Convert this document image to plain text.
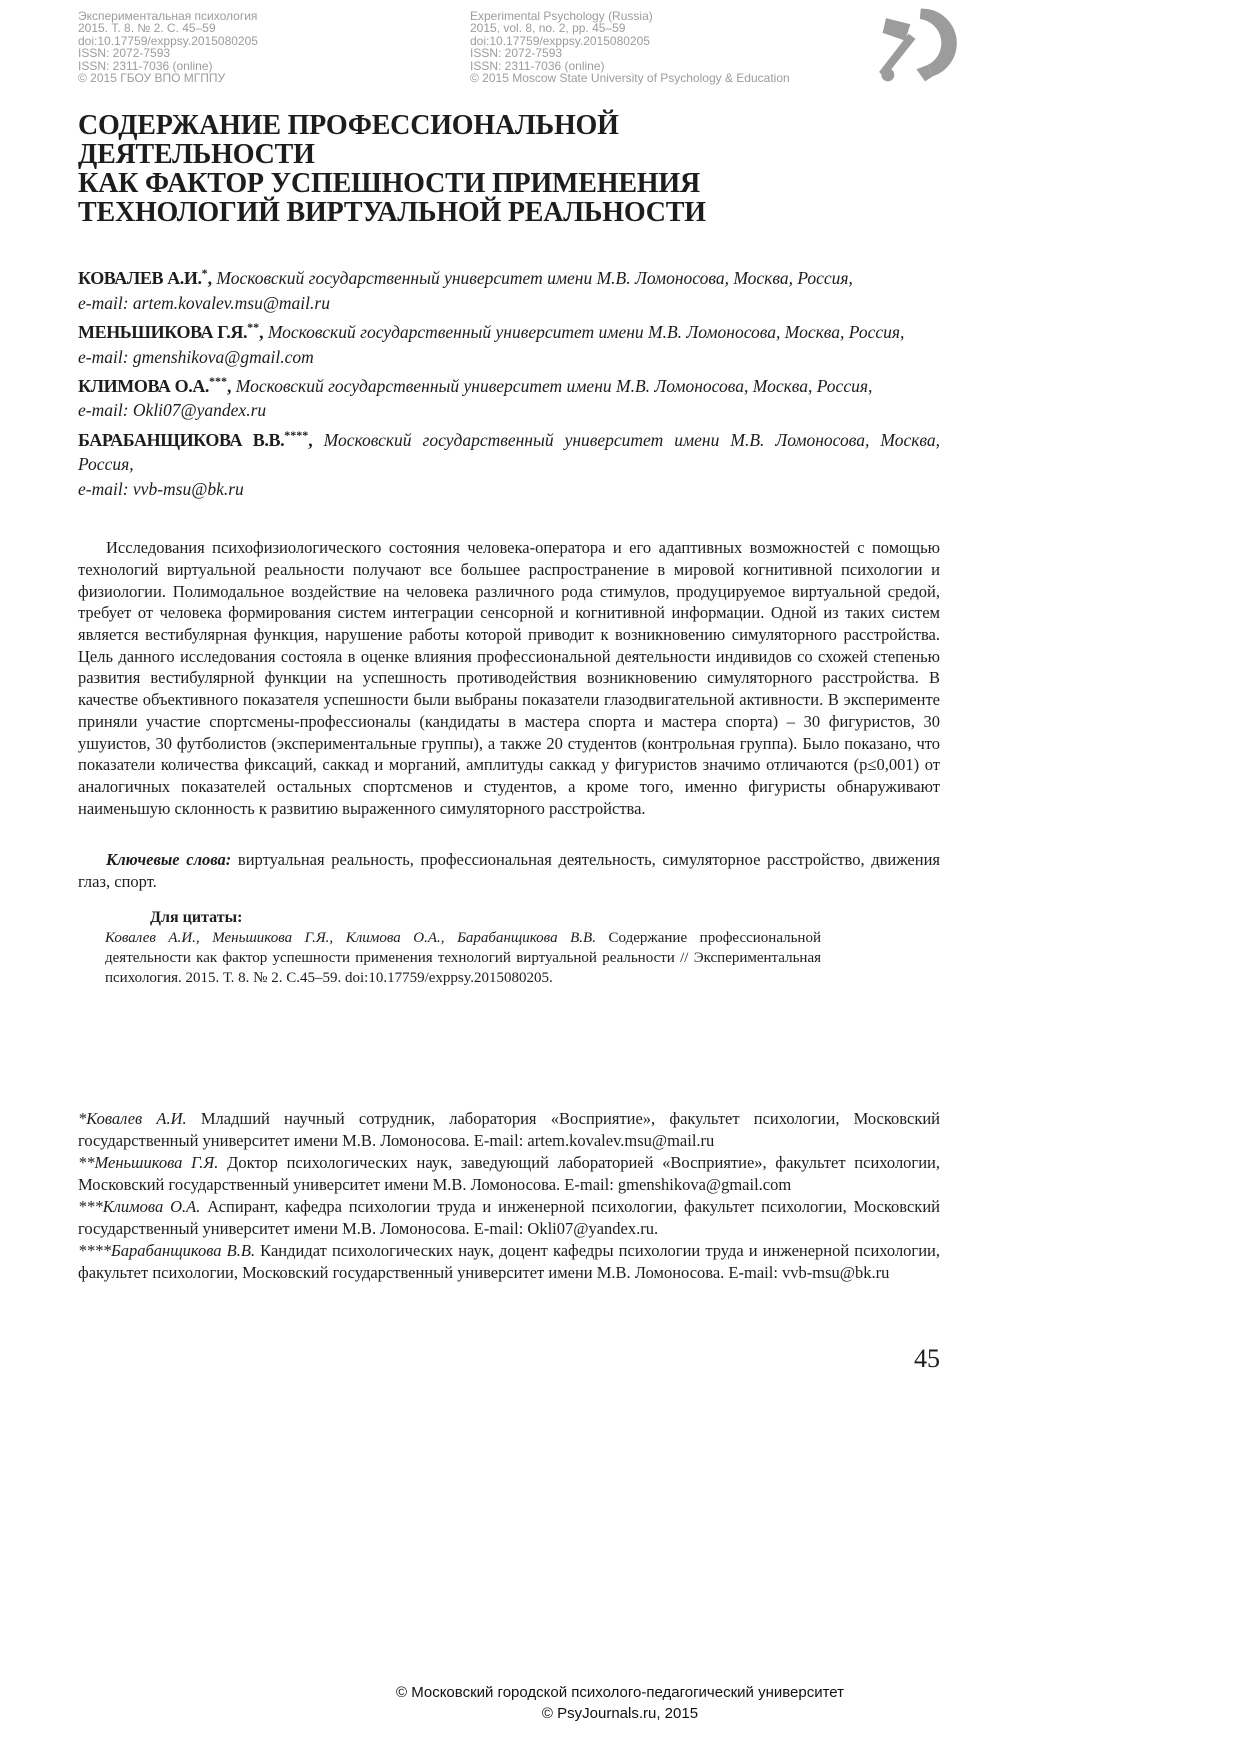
Экспериментальная психология
2015. Т. 8. № 2. С. 45–59
doi:10.17759/exppsy.2015080205
ISSN: 2072-7593
ISSN: 2311-7036 (online)
© 2015 ГБОУ ВПО МГППУ
Experimental Psychology (Russia)
2015, vol. 8, no. 2, pp. 45–59
doi:10.17759/exppsy.2015080205
ISSN: 2072-7593
ISSN: 2311-7036 (online)
© 2015 Moscow State University of Psychology & Education
СОДЕРЖАНИЕ ПРОФЕССИОНАЛЬНОЙ
ДЕЯТЕЛЬНОСТИ
КАК ФАКТОР УСПЕШНОСТИ ПРИМЕНЕНИЯ
ТЕХНОЛОГИЙ ВИРТУАЛЬНОЙ РЕАЛЬНОСТИ

КОВАЛЕВ А.И.*, Московский государственный университет имени М.В. Ломоносова, Москва, Россия,
e-mail: artem.kovalev.msu@mail.ru

МЕНЬШИКОВА Г.Я.**, Московский государственный университет имени М.В. Ломоносова, Москва, Россия,
e-mail: gmenshikova@gmail.com

КЛИМОВА О.А.***, Московский государственный университет имени М.В. Ломоносова, Москва, Россия,
e-mail: Okli07@yandex.ru

БАРАБАНЩИКОВА В.В.****, Московский государственный университет имени М.В. Ломоносова, Москва, Россия,
e-mail: vvb-msu@bk.ru

Исследования психофизиологического состояния человека-оператора и его адаптивных возможностей с помощью технологий виртуальной реальности получают все большее распространение в мировой когнитивной психологии и физиологии. Полимодальное воздействие на человека различного рода стимулов, продуцируемое виртуальной средой, требует от человека формирования систем интеграции сенсорной и когнитивной информации. Одной из таких систем является вестибулярная функция, нарушение работы которой приводит к возникновению симуляторного расстройства. Цель данного исследования состояла в оценке влияния профессиональной деятельности индивидов со схожей степенью развития вестибулярной функции на успешность противодействия возникновению симуляторного расстройства. В качестве объективного показателя успешности были выбраны показатели глазодвигательной активности. В эксперименте приняли участие спортсмены-профессионалы (кандидаты в мастера спорта и мастера спорта) – 30 фигуристов, 30 ушуистов, 30 футболистов (экспериментальные группы), а также 20 студентов (контрольная группа). Было показано, что показатели количества фиксаций, саккад и морганий, амплитуды саккад у фигуристов значимо отличаются (p≤0,001) от аналогичных показателей остальных спортсменов и студентов, а кроме того, именно фигуристы обнаруживают наименьшую склонность к развитию выраженного симуляторного расстройства.

Ключевые слова: виртуальная реальность, профессиональная деятельность, симуляторное расстройство, движения глаз, спорт.

Для цитаты:

Ковалев А.И., Меньшикова Г.Я., Климова О.А., Барабанщикова В.В. Содержание профессиональной деятельности как фактор успешности применения технологий виртуальной реальности // Экспериментальная психология. 2015. Т. 8. № 2. С.45–59. doi:10.17759/exppsy.2015080205.

*Ковалев А.И. Младший научный сотрудник, лаборатория «Восприятие», факультет психологии, Московский государственный университет имени М.В. Ломоносова. E-mail: artem.kovalev.msu@mail.ru

**Меньшикова Г.Я. Доктор психологических наук, заведующий лабораторией «Восприятие», факультет психологии, Московский государственный университет имени М.В. Ломоносова. E-mail: gmenshikova@gmail.com

***Климова О.А. Аспирант, кафедра психологии труда и инженерной психологии, факультет психологии, Московский государственный университет имени М.В. Ломоносова. E-mail: Okli07@yandex.ru.

****Барабанщикова В.В. Кандидат психологических наук, доцент кафедры психологии труда и инженерной психологии, факультет психологии, Московский государственный университет имени М.В. Ломоносова. E-mail: vvb-msu@bk.ru

45
© Московский городской психолого-педагогический университет
© PsyJournals.ru, 2015
